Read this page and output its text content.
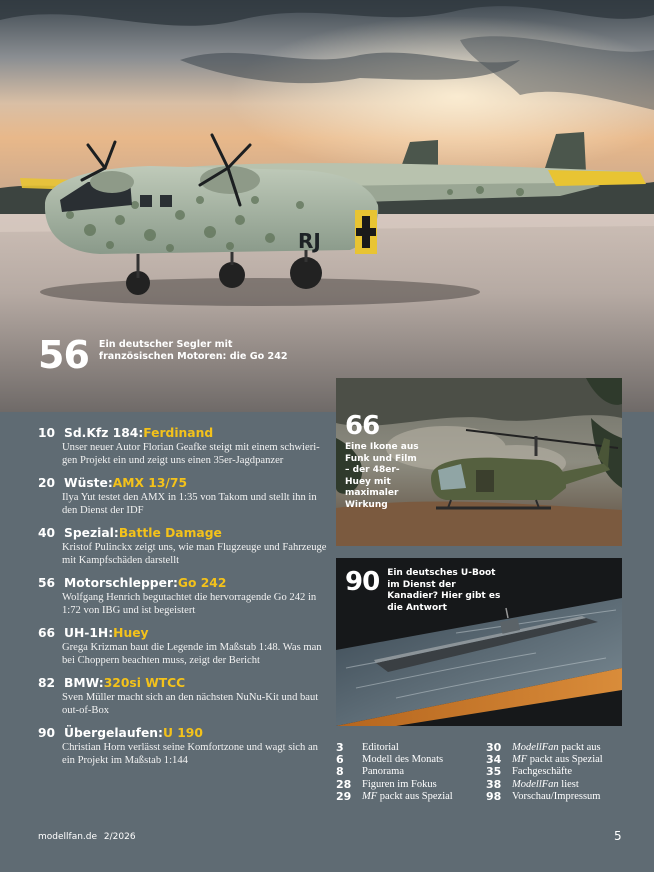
RJ
56 Ein deutscher Segler mit französischen Motoren: die Go 242
10 Sd.Kfz 184: Ferdinand
Unser neuer Autor Florian Geafke steigt mit einem schwieri-gen Projekt ein und zeigt uns einen 35er-Jagdpanzer
20 Wüste: AMX 13/75
Ilya Yut testet den AMX in 1:35 von Takom und stellt ihn in den Dienst der IDF
40 Spezial: Battle Damage
Kristof Pulinckx zeigt uns, wie man Flugzeuge und Fahrzeuge mit Kampfschäden darstellt
56 Motorschlepper: Go 242
Wolfgang Henrich begutachtet die hervorragende Go 242 in 1:72 von IBG und ist begeistert
66 UH-1H: Huey
Grega Krizman baut die Legende im Maßstab 1:48. Was man bei Choppern beachten muss, zeigt der Bericht
82 BMW: 320si WTCC
Sven Müller macht sich an den nächsten NuNu-Kit und baut out-of-Box
90 Übergelaufen: U 190
Christian Horn verlässt seine Komfortzone und wagt sich an ein Projekt im Maßstab 1:144
66
Eine Ikone aus Funk und Film – der 48er-Huey mit maximaler Wirkung
90 Ein deutsches U-Boot im Dienst der Kanadier? Hier gibt es die Antwort
3	Editorial
6	Modell des Monats
8	Panorama
28	Figuren im Fokus
29	MF packt aus Spezial
30	ModellFan packt aus
34	MF packt aus Spezial
35	Fachgeschäfte
38	ModellFan liest
98	Vorschau/Impressum
modellfan.de 2/2026	5
